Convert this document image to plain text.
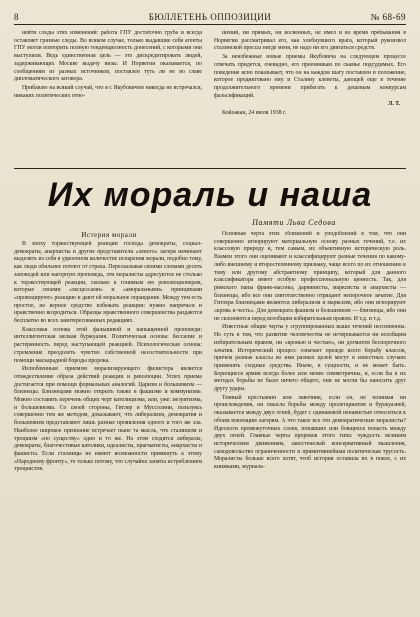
8	БЮЛЛЕТЕНЬ ОППОЗИЦИИ	№ 68-69

нейти следы этих изменений: работа ГПУ достаточно груба и всегда оставляет грязные следы. Во всяком случае, только выдавшие себя агенты ГПУ могли повторить полную тенденциозность донесений, с которыми они выступили. Ведь единственная цель — это дискредитировать людей, задерживающих Москве выдачу визы. И Норвегии оказывается, по сообщениям из разных источников, поставлен туть ли не во главе дипломатического заговора.

Прибавлю на всякий случай, что я с Якубовичем никогда не встречался, никаких политических отно-

шений, ни прямых, ни косвенных, не имел и во время пребывания в Норвегии рассматривал его, как хлебнувшего врага, который рукоизвол сталинской прессы нигде меня, не надо ни его двигаться средств.

За неизбежные новые приемы Якубовича на следующем процессе отвечать придется, очевидно, его преемникам по скамье подсудимых. Его поведение ясно показывает, что он на каждом шагу поставлен в положение, которое продиктовано ему и Сталину клеветы, дающей еще в течение продолжительного времени прибегать к дешевым конкурсам фальсификаций.

Л. Т.

Койоакан, 24 июля 1938 г.

Их мораль и наша
Памяти Льва Седова
Истерия морали

В эпоху торжествующей реакции господа демократы, социал-демократы, анархисты и другие представители «левого» лагеря начинают выделять из себя в удвоенном количестве испарения морали, подобно тому, как люди обильнее потеют от страха. Пересказывая своими словами десять заповедей или нагорную проповедь, эти моралисты адресуются не столько к торжествующей реакции, сколько к гонимым ею революционерам, которые своими «эксцессами» и «аморальными» принципами «провоцируют» реакцию и дают ей моральное оправдание. Между тем есть простое, но верное средство избежать реакции: нужно напрячься и нравственно возродиться. Образцы нравственного совершенства раздаются бесплатно во всех заинтересованных редакциях.

Классовая основа этой фальшивой и напыщенной проповеди: интеллигентская мелкая буржуазия. Политическая основа: бессилие и растерянность перед наступающей реакцией. Психологическая основа: стремление преодолеть чувство собственной несостоятельности при помощи маскарадной бороды пророка.

Излюбленным приемом морализирующего филистера является отождествление образа действий реакции и революции. Успех приема достигается при помощи формальных аналогий. Царизм и большевизм — близнецы. Близнецами можно открыть также в фашизме и коммунизме. Можно составить перечень общих черт католицизма, или, уже: иезуитизма, и большевизма. Со своей стороны, Гитлер и Муссолини, пользуясь совершенно тем же методом, доказывают, что либерализм, демократия и большевизм представляют лишь разные проявления одного и того же зла. Наиболее широкое признание встречает ныне та мысль, что сталинизм и троцкизм «по существу» одно и то же. На этом сходятся либералы, демократы, благочестивые католики, идеалисты, прагматисты, анархисты и фашисты. Если сталинцы не имеют возможности примкнуть к этому «Народному фронту», то только потому, что случайно заняты истреблением троцкистов.

Основная черта этих сближений и уподоблений в том, что они совершенно игнорируют материальную основу разных течений, т.е. их классовую природу и, тем самым, их объективную историческую роль. Взамен этого они оценивают и классифицируют разные течения по какому-либо внешнему и второстепенному признаку, чаще всего по их отношению к тому или другому абстрактному принципу, который для данного классификатора имеет особую профессиональную ценность. Так, для римского папы франк-масоны, дарвинисты, марксисты и анархисты — близнецы, ибо все они святотатственно отрицают непорочное зачатие. Для Гитлера близнецами являются либерализм и марксизм, ибо они игнорируют «кровь и честь». Для демократа фашизм и большевизм — близнецы, ибо они не склоняются перед всеобщим избирательным правом. И т.д. и т.д.

Известные общие черты у сгруппированных выше течений несомненны. Но суть в том, что развитие человечества не исчерпывается ни всеобщим избирательным правом, ни «кровью и честью», ни догматом беспорочного зачатия. Исторический процесс означает прежде всего борьбу классов, причем разные классы во имя разных целей могут в известных случаях применять сходные средства. Иначе, в сущности, и не может быть. Борющиеся армии всегда более или менее симметричны, и, если бы в их методах борьбы не было ничего общего, они не могли бы наносить друг другу удары.

Темный крестьянин или лавочник, если он, не понимая ни происхождения, ни смысла борьбы между пролетариатом и буржуазией, оказывается между двух огней, будет с одинаковой ненавистью относиться к обоим воюющим лагерям. А что такое все эти демократические моралисты? Идеологи промежуточных слоев, попавших или боящихся попасть между двух огней. Главные черты пророков этого типа: чуждость великим историческим движениям, закостенелый консервативный мышления, самодовольство ограниченности и примитивнейшая политическая трусость. Моралисты больше всего хотят, чтоб история оставила их в покое, с их книжками, журналь-
